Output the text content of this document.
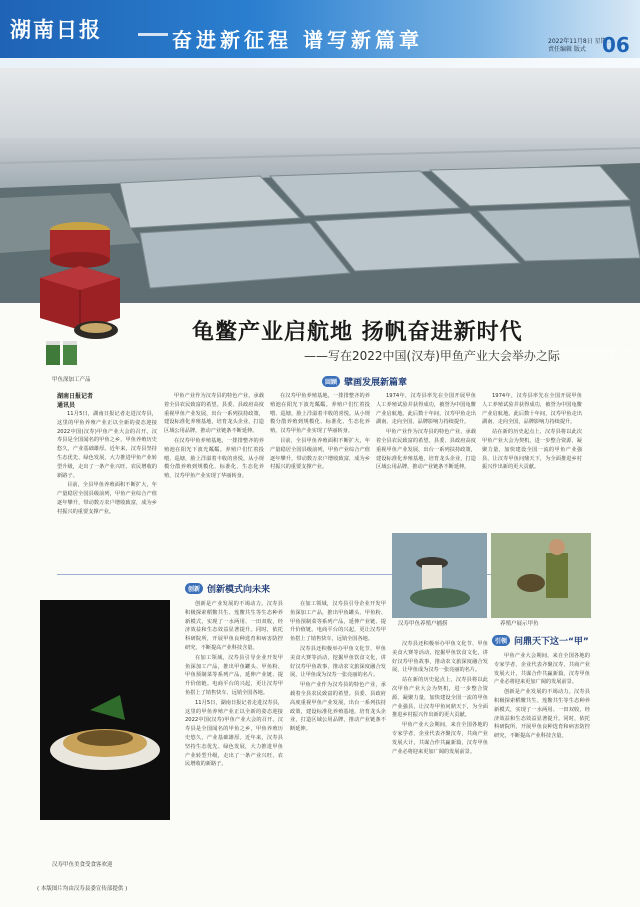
湖南日报	奋进新征程 谱写新篇章	2022年11月8日 星期二
责任编辑 版式 06
汉寿县全境采用甲鱼生态养殖，图为汉寿县甲鱼养殖基地全貌
甲鱼深加工产品
龟鳖产业启航地 扬帆奋进新时代
——写在2022中国(汉寿)甲鱼产业大会举办之际
湖南日报记者
通讯员
回顾 擘画发展新篇章

11月5日，湖南日报记者走进汉寿县，这里的甲鱼养殖产业正以全新的姿态迎接2022中国(汉寿)甲鱼产业大会的召开。汉寿县是全国闻名的甲鱼之乡，甲鱼养殖历史悠久，产业基础雄厚。近年来，汉寿县坚持生态优先、绿色发展，大力推进甲鱼产业转型升级，走出了一条产业兴旺、农民增收的新路子。

目前，全县甲鱼养殖面积不断扩大，年产量稳居全国县级前列，甲鱼产业综合产值逐年攀升，带动数万农户增收致富，成为乡村振兴的重要支撑产业。

甲鱼产业作为汉寿县的特色产业，承载着全县农民致富的希望。县委、县政府高度重视甲鱼产业发展，出台一系列扶持政策，建设标准化养殖基地，培育龙头企业，打造区域公用品牌，推动产业链条不断延伸。

在汉寿甲鱼养殖基地，一排排整齐的养殖池在阳光下波光粼粼。养殖户们忙着投喂、巡塘，脸上洋溢着丰收的喜悦。从小规模分散养殖到规模化、标准化、生态化养殖，汉寿甲鱼产业实现了华丽转身。

在汉寿甲鱼养殖基地，一排排整齐的养殖池在阳光下波光粼粼。养殖户们忙着投喂、巡塘，脸上洋溢着丰收的喜悦。从小规模分散养殖到规模化、标准化、生态化养殖，汉寿甲鱼产业实现了华丽转身。

目前，全县甲鱼养殖面积不断扩大，年产量稳居全国县级前列，甲鱼产业综合产值逐年攀升，带动数万农户增收致富，成为乡村振兴的重要支撑产业。

1974年，汉寿县率先在全国开展甲鱼人工养殖试验并获得成功，被誉为中国龟鳖产业启航地。此后数十年间，汉寿甲鱼走出湖南、走向全国，品牌影响力持续提升。

甲鱼产业作为汉寿县的特色产业，承载着全县农民致富的希望。县委、县政府高度重视甲鱼产业发展，出台一系列扶持政策，建设标准化养殖基地，培育龙头企业，打造区域公用品牌，推动产业链条不断延伸。

1974年，汉寿县率先在全国开展甲鱼人工养殖试验并获得成功，被誉为中国龟鳖产业启航地。此后数十年间，汉寿甲鱼走出湖南、走向全国，品牌影响力持续提升。

站在新的历史起点上，汉寿县将以此次甲鱼产业大会为契机，进一步整合资源、凝聚力量，加快建设全国一流的甲鱼产业强县，让汉寿甲鱼问鼎天下，为全面推进乡村振兴作出新的更大贡献。

创新 创新模式向未来
汉寿甲鱼美食受食客欢迎

创新是产业发展的不竭动力。汉寿县积极探索稻鳖共生、莲鳖共生等生态种养新模式，实现了一水两用、一田双收，经济效益和生态效益显著提升。同时，依托科研院所，开展甲鱼良种选育和病害防控研究，不断提高产业科技含量。

在加工领域，汉寿县引导企业开发甲鱼深加工产品，推出甲鱼罐头、甲鱼粉、甲鱼预制菜等系列产品，延伸产业链、提升价值链。电商平台的兴起，更让汉寿甲鱼搭上了销售快车，远销全国各地。

11月5日，湖南日报记者走进汉寿县，这里的甲鱼养殖产业正以全新的姿态迎接2022中国(汉寿)甲鱼产业大会的召开。汉寿县是全国闻名的甲鱼之乡，甲鱼养殖历史悠久，产业基础雄厚。近年来，汉寿县坚持生态优先、绿色发展，大力推进甲鱼产业转型升级，走出了一条产业兴旺、农民增收的新路子。

在加工领域，汉寿县引导企业开发甲鱼深加工产品，推出甲鱼罐头、甲鱼粉、甲鱼预制菜等系列产品，延伸产业链、提升价值链。电商平台的兴起，更让汉寿甲鱼搭上了销售快车，远销全国各地。

汉寿县还积极举办甲鱼文化节、甲鱼美食大赛等活动，挖掘甲鱼饮食文化，讲好汉寿甲鱼故事，推动农文旅深度融合发展，让甲鱼成为汉寿一张亮丽的名片。

甲鱼产业作为汉寿县的特色产业，承载着全县农民致富的希望。县委、县政府高度重视甲鱼产业发展，出台一系列扶持政策，建设标准化养殖基地，培育龙头企业，打造区域公用品牌，推动产业链条不断延伸。

汉寿甲鱼养殖户捕捞	养殖户展示甲鱼
引领 问鼎天下这一“甲”

汉寿县还积极举办甲鱼文化节、甲鱼美食大赛等活动，挖掘甲鱼饮食文化，讲好汉寿甲鱼故事，推动农文旅深度融合发展，让甲鱼成为汉寿一张亮丽的名片。

站在新的历史起点上，汉寿县将以此次甲鱼产业大会为契机，进一步整合资源、凝聚力量，加快建设全国一流的甲鱼产业强县，让汉寿甲鱼问鼎天下，为全面推进乡村振兴作出新的更大贡献。

甲鱼产业大会期间，来自全国各地的专家学者、企业代表齐聚汉寿，共商产业发展大计，共谋合作共赢新篇，汉寿甲鱼产业必将迎来更加广阔的发展前景。

甲鱼产业大会期间，来自全国各地的专家学者、企业代表齐聚汉寿，共商产业发展大计，共谋合作共赢新篇，汉寿甲鱼产业必将迎来更加广阔的发展前景。

创新是产业发展的不竭动力。汉寿县积极探索稻鳖共生、莲鳖共生等生态种养新模式，实现了一水两用、一田双收，经济效益和生态效益显著提升。同时，依托科研院所，开展甲鱼良种选育和病害防控研究，不断提高产业科技含量。

( 本版图片均由汉寿县委宣传部提供 )
